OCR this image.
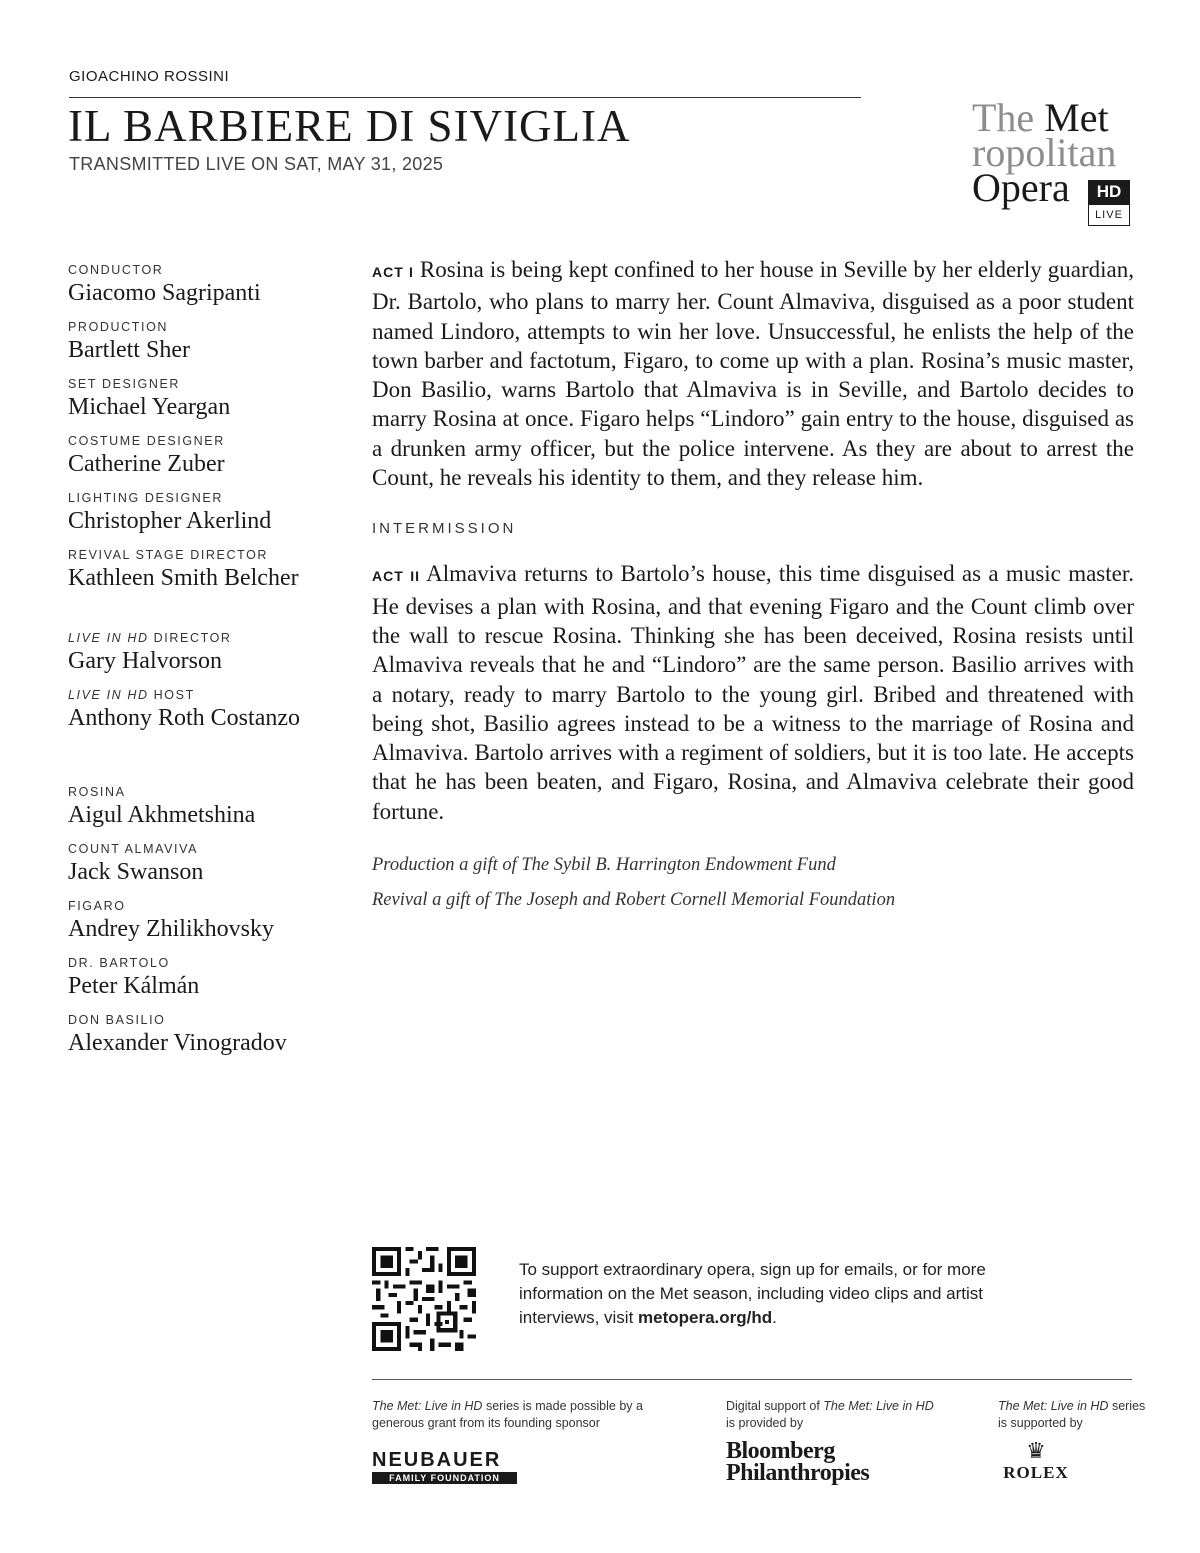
GIOACHINO ROSSINI
IL BARBIERE DI SIVIGLIA
TRANSMITTED LIVE ON SAT, MAY 31, 2025
The Met
ropolitan
Opera	HD
LIVE
CONDUCTOR
Giacomo Sagripanti
PRODUCTION
Bartlett Sher
SET DESIGNER
Michael Yeargan
COSTUME DESIGNER
Catherine Zuber
LIGHTING DESIGNER
Christopher Akerlind
REVIVAL STAGE DIRECTOR
Kathleen Smith Belcher
LIVE IN HD DIRECTOR
Gary Halvorson
LIVE IN HD HOST
Anthony Roth Costanzo
ROSINA
Aigul Akhmetshina
COUNT ALMAVIVA
Jack Swanson
FIGARO
Andrey Zhilikhovsky
DR. BARTOLO
Peter Kálmán
DON BASILIO
Alexander Vinogradov

ACT I Rosina is being kept confined to her house in Seville by her elderly guardian, Dr. Bartolo, who plans to marry her. Count Almaviva, disguised as a poor student named Lindoro, attempts to win her love. Unsuccessful, he enlists the help of the town barber and factotum, Figaro, to come up with a plan. Rosina’s music master, Don Basilio, warns Bartolo that Almaviva is in Seville, and Bartolo decides to marry Rosina at once. Figaro helps “Lindoro” gain entry to the house, disguised as a drunken army officer, but the police intervene. As they are about to arrest the Count, he reveals his identity to them, and they release him.

INTERMISSION

ACT II Almaviva returns to Bartolo’s house, this time disguised as a music master. He devises a plan with Rosina, and that evening Figaro and the Count climb over the wall to rescue Rosina. Thinking she has been deceived, Rosina resists until Almaviva reveals that he and “Lindoro” are the same person. Basilio arrives with a notary, ready to marry Bartolo to the young girl. Bribed and threatened with being shot, Basilio agrees instead to be a witness to the marriage of Rosina and Almaviva. Bartolo arrives with a regiment of soldiers, but it is too late. He accepts that he has been beaten, and Figaro, Rosina, and Almaviva celebrate their good fortune.

Production a gift of The Sybil B. Harrington Endowment Fund

Revival a gift of The Joseph and Robert Cornell Memorial Foundation

To support extraordinary opera, sign up for emails, or for more information on the Met season, including video clips and artist interviews, visit metopera.org/hd.
The Met: Live in HD series is made possible by a generous grant from its founding sponsor
Digital support of The Met: Live in HD is provided by
The Met: Live in HD series is supported by
NEUBAUER
FAMILY FOUNDATION
Bloomberg
Philanthropies
♛
ROLEX
